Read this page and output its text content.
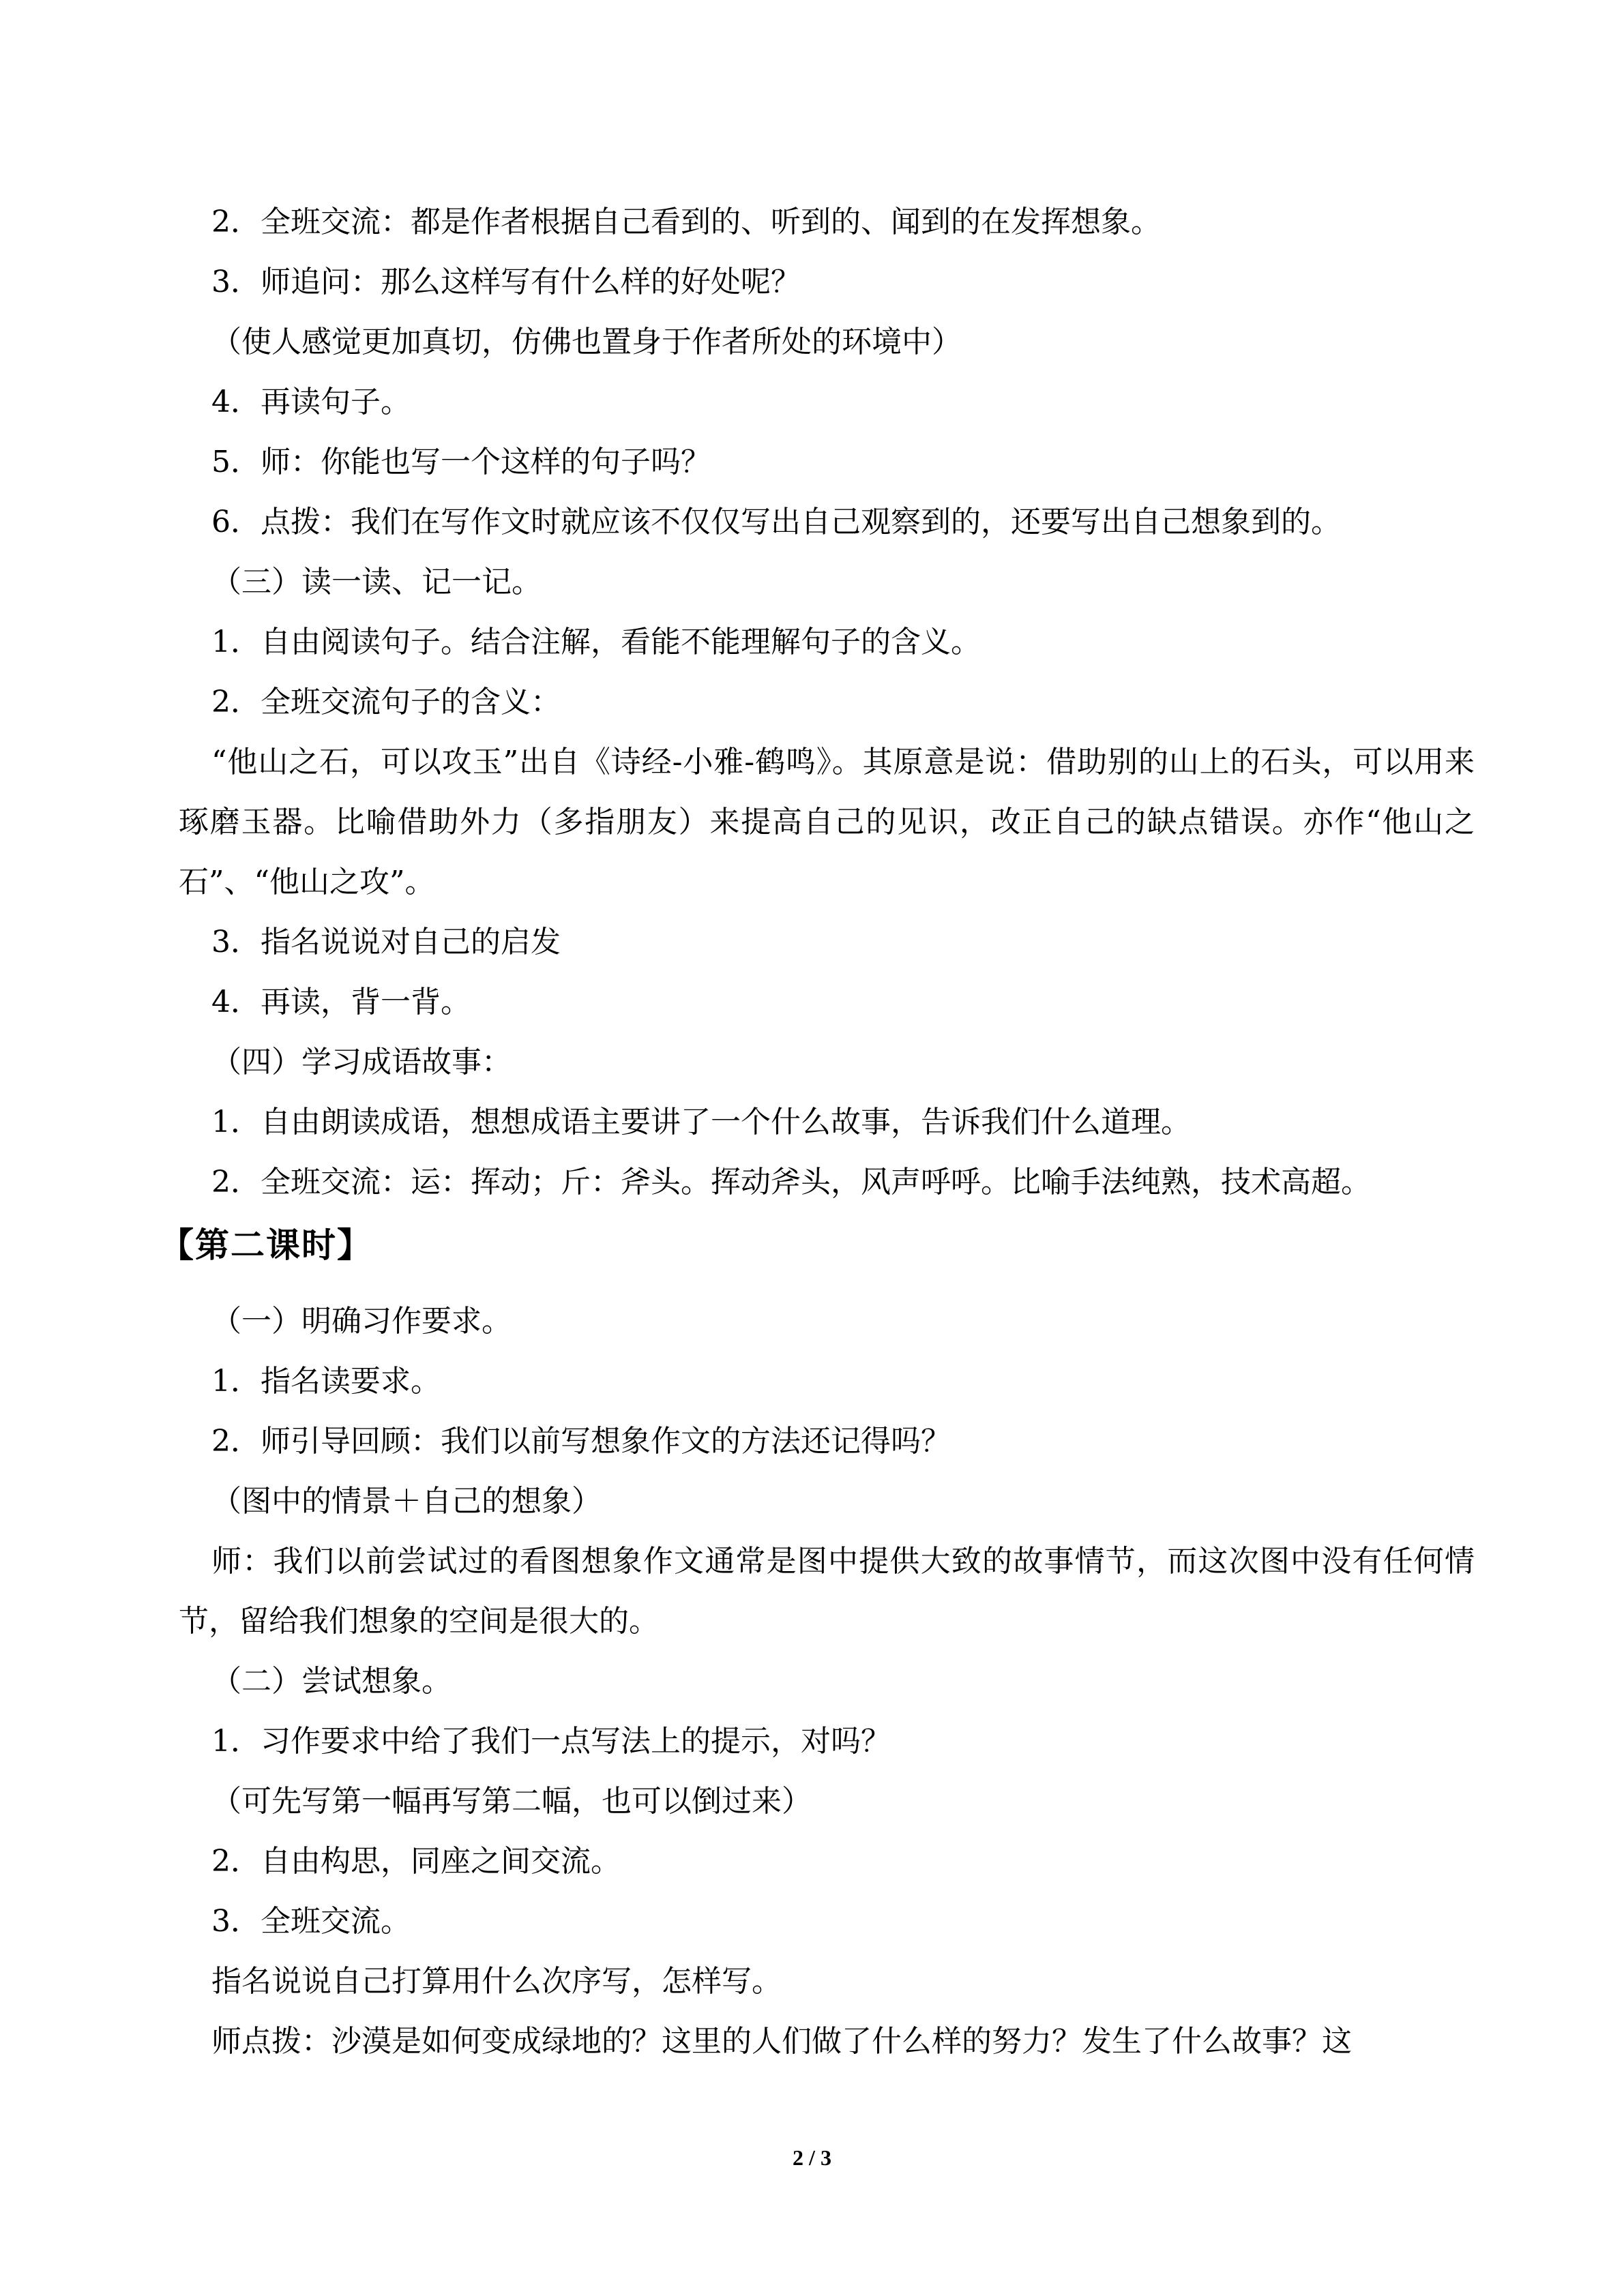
2．全班交流：都是作者根据自己看到的、听到的、闻到的在发挥想象。
3．师追问：那么这样写有什么样的好处呢？
（使人感觉更加真切，仿佛也置身于作者所处的环境中）
4．再读句子。
5．师：你能也写一个这样的句子吗？
6．点拨：我们在写作文时就应该不仅仅写出自己观察到的，还要写出自己想象到的。
（三）读一读、记一记。
1．自由阅读句子。结合注解，看能不能理解句子的含义。
2．全班交流句子的含义：
“他山之石，可以攻玉”出自《诗经-小雅-鹤鸣》。其原意是说：借助别的山上的石头，可以用来琢磨玉器。比喻借助外力（多指朋友）来提高自己的见识，改正自己的缺点错误。亦作“他山之石”、“他山之攻”。
3．指名说说对自己的启发
4．再读，背一背。
（四）学习成语故事：
1．自由朗读成语，想想成语主要讲了一个什么故事，告诉我们什么道理。
2．全班交流：运：挥动；斤：斧头。挥动斧头，风声呼呼。比喻手法纯熟，技术高超。
【第二课时】
（一）明确习作要求。
1．指名读要求。
2．师引导回顾：我们以前写想象作文的方法还记得吗？
（图中的情景＋自己的想象）
师：我们以前尝试过的看图想象作文通常是图中提供大致的故事情节，而这次图中没有任何情节，留给我们想象的空间是很大的。
（二）尝试想象。
1．习作要求中给了我们一点写法上的提示，对吗？
（可先写第一幅再写第二幅，也可以倒过来）
2．自由构思，同座之间交流。
3．全班交流。
指名说说自己打算用什么次序写，怎样写。
师点拨：沙漠是如何变成绿地的？这里的人们做了什么样的努力？发生了什么故事？这
2 / 3
